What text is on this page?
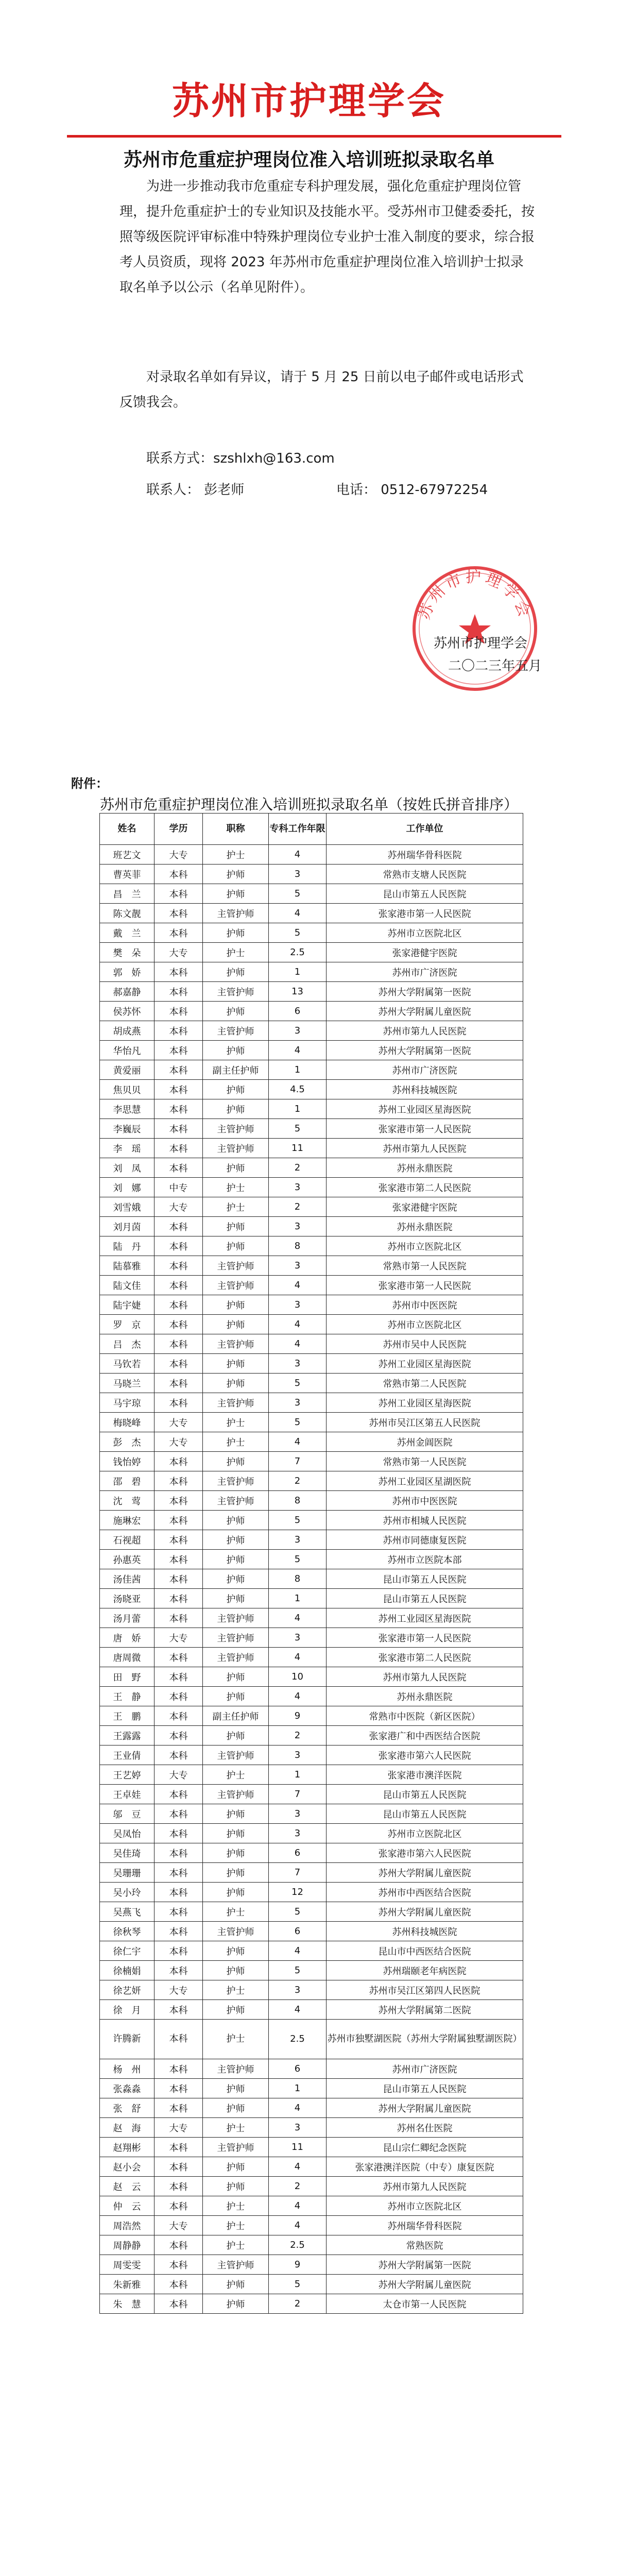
苏州市护理学会
苏州市危重症护理岗位准入培训班拟录取名单

为进一步推动我市危重症专科护理发展，强化危重症护理岗位管理，提升危重症护士的专业知识及技能水平。受苏州市卫健委委托，按照等级医院评审标准中特殊护理岗位专业护士准入制度的要求，综合报考人员资质，现将 2023 年苏州市危重症护理岗位准入培训护士拟录取名单予以公示（名单见附件）。

对录取名单如有异议，请于 5 月 25 日前以电子邮件或电话形式反馈我会。

联系方式：szshlxh@163.com
联系人： 彭老师	电话： 0512-67972254
苏州市护理学会
苏州市护理学会
二〇二三年五月
附件：
苏州市危重症护理岗位准入培训班拟录取名单（按姓氏拼音排序）
姓名	学历	职称	专科工作年限	工作单位
班艺文	大专	护士	4	苏州瑞华骨科医院
曹英菲	本科	护师	3	常熟市支塘人民医院
昌　兰	本科	护师	5	昆山市第五人民医院
陈文靓	本科	主管护师	4	张家港市第一人民医院
戴　兰	本科	护师	5	苏州市立医院北区
樊　朵	大专	护士	2.5	张家港健宇医院
郭　娇	本科	护师	1	苏州市广济医院
郝嘉静	本科	主管护师	13	苏州大学附属第一医院
侯苏怀	本科	护师	6	苏州大学附属儿童医院
胡成燕	本科	主管护师	3	苏州市第九人民医院
华怡凡	本科	护师	4	苏州大学附属第一医院
黄爱丽	本科	副主任护师	1	苏州市广济医院
焦贝贝	本科	护师	4.5	苏州科技城医院
李思慧	本科	护师	1	苏州工业园区星海医院
李巍辰	本科	主管护师	5	张家港市第一人民医院
李　瑶	本科	主管护师	11	苏州市第九人民医院
刘　凤	本科	护师	2	苏州永鼎医院
刘　娜	中专	护士	3	张家港市第二人民医院
刘雪娥	大专	护士	2	张家港健宇医院
刘月茵	本科	护师	3	苏州永鼎医院
陆　丹	本科	护师	8	苏州市立医院北区
陆慕雅	本科	主管护师	3	常熟市第一人民医院
陆文佳	本科	主管护师	4	张家港市第一人民医院
陆宇婕	本科	护师	3	苏州市中医医院
罗　京	本科	护师	4	苏州市立医院北区
吕　杰	本科	主管护师	4	苏州市吴中人民医院
马钦若	本科	护师	3	苏州工业园区星海医院
马晓兰	本科	护师	5	常熟市第二人民医院
马宇琼	本科	主管护师	3	苏州工业园区星海医院
梅晓峰	大专	护士	5	苏州市吴江区第五人民医院
彭　杰	大专	护士	4	苏州金阊医院
钱怡婷	本科	护师	7	常熟市第一人民医院
邵　碧	本科	主管护师	2	苏州工业园区星湖医院
沈　莺	本科	主管护师	8	苏州市中医医院
施琳宏	本科	护师	5	苏州市相城人民医院
石视超	本科	护师	3	苏州市同德康复医院
孙惠英	本科	护师	5	苏州市立医院本部
汤佳茜	本科	护师	8	昆山市第五人民医院
汤晓亚	本科	护师	1	昆山市第五人民医院
汤月蕾	本科	主管护师	4	苏州工业园区星海医院
唐　娇	大专	主管护师	3	张家港市第一人民医院
唐周微	本科	主管护师	4	张家港市第二人民医院
田　野	本科	护师	10	苏州市第九人民医院
王　静	本科	护师	4	苏州永鼎医院
王　鹏	本科	副主任护师	9	常熟市中医院（新区医院）
王露露	本科	护师	2	张家港广和中西医结合医院
王业倩	本科	主管护师	3	张家港市第六人民医院
王艺婷	大专	护士	1	张家港市澳洋医院
王卓娃	本科	主管护师	7	昆山市第五人民医院
邬　豆	本科	护师	3	昆山市第五人民医院
吴凤怡	本科	护师	3	苏州市立医院北区
吴佳琦	本科	护师	6	张家港市第六人民医院
吴珊珊	本科	护师	7	苏州大学附属儿童医院
吴小玲	本科	护师	12	苏州市中西医结合医院
吴燕飞	本科	护士	5	苏州大学附属儿童医院
徐秋琴	本科	主管护师	6	苏州科技城医院
徐仁宇	本科	护师	4	昆山市中西医结合医院
徐楠娟	本科	护师	5	苏州瑞颐老年病医院
徐艺妍	大专	护士	3	苏州市吴江区第四人民医院
徐　月	本科	护师	4	苏州大学附属第二医院
许腾新	本科	护士	2.5	苏州市独墅湖医院（苏州大学附属独墅湖医院）
杨　州	本科	主管护师	6	苏州市广济医院
张淼淼	本科	护师	1	昆山市第五人民医院
张　舒	本科	护师	4	苏州大学附属儿童医院
赵　海	大专	护士	3	苏州名仕医院
赵翔彬	本科	主管护师	11	昆山宗仁卿纪念医院
赵小会	本科	护师	4	张家港澳洋医院（中专）康复医院
赵　云	本科	护师	2	苏州市第九人民医院
仲　云	本科	护士	4	苏州市立医院北区
周浩然	大专	护士	4	苏州瑞华骨科医院
周静静	本科	护士	2.5	常熟医院
周雯雯	本科	主管护师	9	苏州大学附属第一医院
朱新雅	本科	护师	5	苏州大学附属儿童医院
朱　慧	本科	护师	2	太仓市第一人民医院
